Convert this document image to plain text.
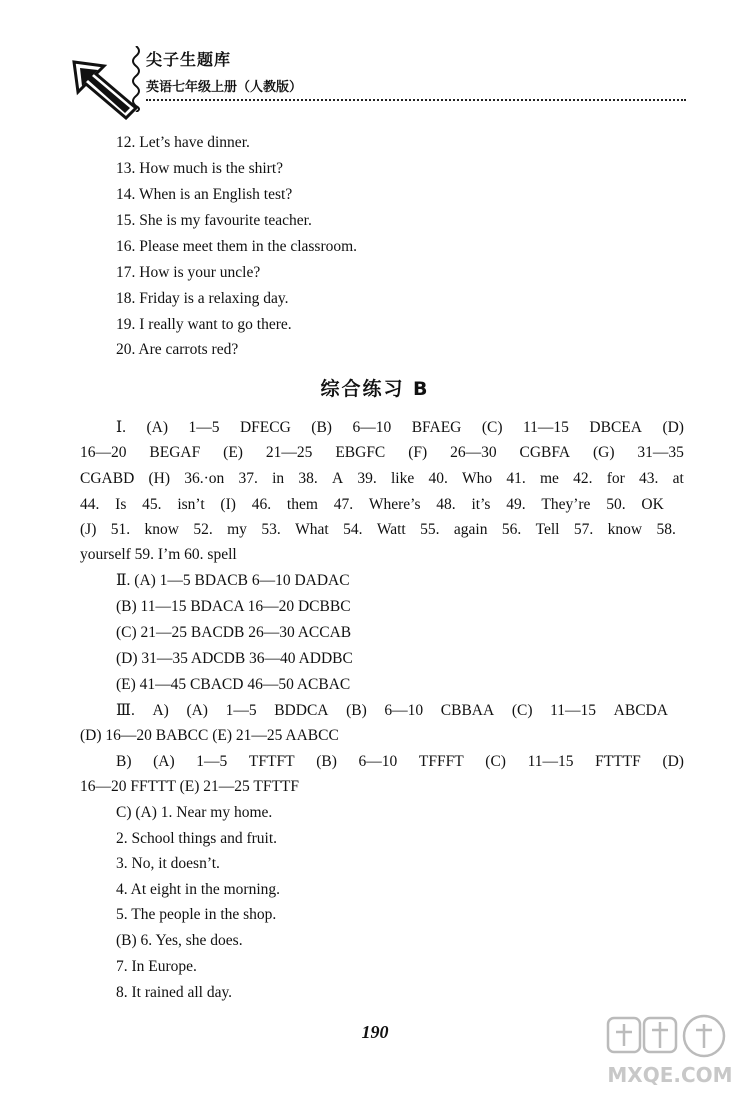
尖子生题库
英语七年级上册（人教版）
12. Let’s have dinner.
13. How much is the shirt?
14. When is an English test?
15. She is my favourite teacher.
16. Please meet them in the classroom.
17. How is your uncle?
18. Friday is a relaxing day.
19. I really want to go there.
20. Are carrots red?
综合练习 B
Ⅰ. (A) 1—5 DFECG (B) 6—10 BFAEG (C) 11—15 DBCEA (D)
16—20 BEGAF (E) 21—25 EBGFC (F) 26—30 CGBFA (G) 31—35
CGABD (H) 36.·on 37. in 38. A 39. like 40. Who 41. me 42. for 43. at
44. Is 45. isn’t (I) 46. them 47. Where’s 48. it’s 49. They’re 50. OK
(J) 51. know 52. my 53. What 54. Watt 55. again 56. Tell 57. know 58.
yourself 59. I’m 60. spell
Ⅱ. (A) 1—5 BDACB 6—10 DADAC
(B) 11—15 BDACA 16—20 DCBBC
(C) 21—25 BACDB 26—30 ACCAB
(D) 31—35 ADCDB 36—40 ADDBC
(E) 41—45 CBACD 46—50 ACBAC
Ⅲ. A) (A) 1—5 BDDCA (B) 6—10 CBBAA (C) 11—15 ABCDA
(D) 16—20 BABCC (E) 21—25 AABCC
B) (A) 1—5 TFTFT (B) 6—10 TFFFT (C) 11—15 FTTTF (D)
16—20 FFTTT (E) 21—25 TFTTF
C) (A) 1. Near my home.
2. School things and fruit.
3. No, it doesn’t.
4. At eight in the morning.
5. The people in the shop.
(B) 6. Yes, she does.
7. In Europe.
8. It rained all day.
190
MXQE.COM
